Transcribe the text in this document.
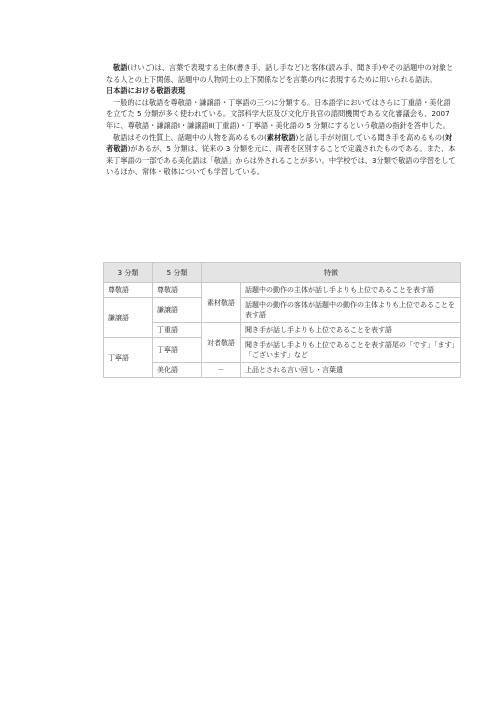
敬語(けいご)は、言葉で表現する主体(書き手、話し手など)と客体(読み手、聞き手)やその話題中の対象となる人との上下関係、話題中の人物同士の上下関係などを言葉の内に表現するために用いられる語法。

日本語における敬語表現

一般的には敬語を尊敬語・謙譲語・丁寧語の三つに分類する。日本語学においてはさらに丁重語・美化語を立てた 5 分類が多く使われている。文部科学大臣及び文化庁長官の諮問機関である文化審議会も、2007 年に、尊敬語・謙譲語Ⅰ・謙譲語Ⅱ(丁重語)・丁寧語・美化語の 5 分類にするという敬語の指針を答申した。

敬語はその性質上、話題中の人物を高めるもの(素材敬語)と話し手が対面している聞き手を高めるもの(対者敬語)があるが、5 分類は、従来の 3 分類を元に、両者を区別することで定義されたものである。また、本来丁寧語の一部である美化語は「敬語」からは外されることが多い。中学校では、3分類で敬語の学習をしているほか、常体・敬体についても学習している。

3 分類	5 分類	特徴	
尊敬語	尊敬語	素材敬語	話題中の動作の主体が話し手よりも上位であることを表す語
謙譲語	謙譲語		話題中の動作の客体が話題中の動作の主体よりも上位であることを表す語
	丁重語	対者敬語	聞き手が話し手よりも上位であることを表す語
丁寧語	丁寧語		聞き手が話し手よりも上位であることを表す語尾の「です」「ます」「ございます」など
	美化語	－	上品とされる言い回し・言葉遣
